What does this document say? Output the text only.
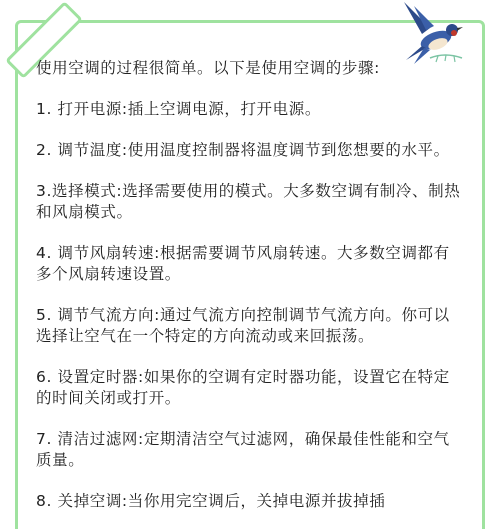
使用空调的过程很简单。以下是使用空调的步骤:

1. 打开电源:插上空调电源，打开电源。

2. 调节温度:使用温度控制器将温度调节到您想要的水平。

3.选择模式:选择需要使用的模式。大多数空调有制冷、制热和风扇模式。

4. 调节风扇转速:根据需要调节风扇转速。大多数空调都有多个风扇转速设置。

5. 调节气流方向:通过气流方向控制调节气流方向。你可以选择让空气在一个特定的方向流动或来回振荡。

6. 设置定时器:如果你的空调有定时器功能，设置它在特定的时间关闭或打开。

7. 清洁过滤网:定期清洁空气过滤网，确保最佳性能和空气质量。

8. 关掉空调:当你用完空调后，关掉电源并拔掉插
